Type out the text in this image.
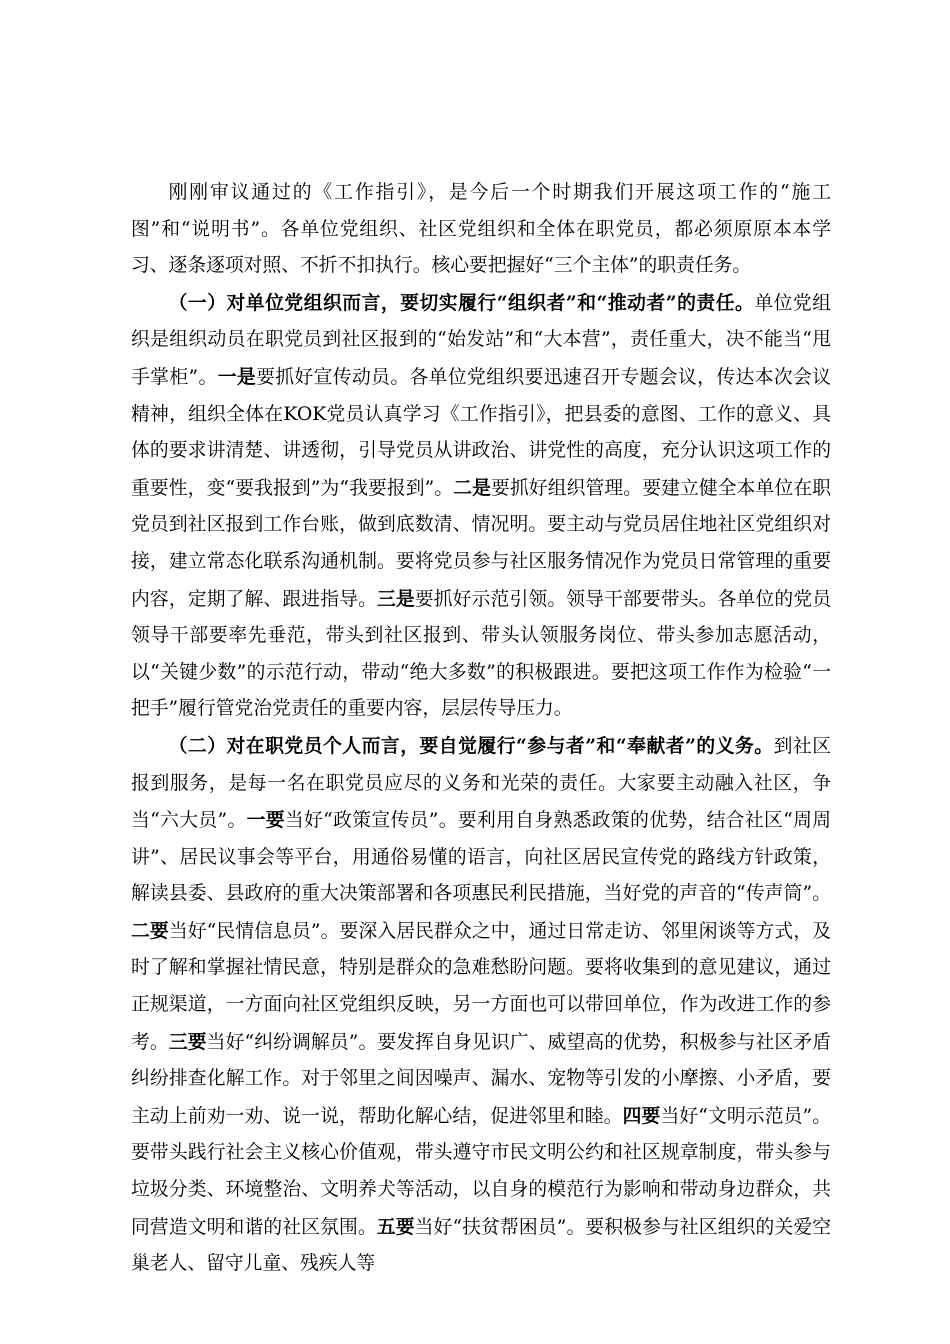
刚刚审议通过的《工作指引》，是今后一个时期我们开展这项工作的“施工图”和“说明书”。各单位党组织、社区党组织和全体在职党员，都必须原原本本学习、逐条逐项对照、不折不扣执行。核心要把握好“三个主体”的职责任务。

（一）对单位党组织而言，要切实履行“组织者”和“推动者”的责任。单位党组织是组织动员在职党员到社区报到的“始发站”和“大本营”，责任重大，决不能当“甩手掌柜”。一是要抓好宣传动员。各单位党组织要迅速召开专题会议，传达本次会议精神，组织全体在KOK党员认真学习《工作指引》，把县委的意图、工作的意义、具体的要求讲清楚、讲透彻，引导党员从讲政治、讲党性的高度，充分认识这项工作的重要性，变“要我报到”为“我要报到”。二是要抓好组织管理。要建立健全本单位在职党员到社区报到工作台账，做到底数清、情况明。要主动与党员居住地社区党组织对接，建立常态化联系沟通机制。要将党员参与社区服务情况作为党员日常管理的重要内容，定期了解、跟进指导。三是要抓好示范引领。领导干部要带头。各单位的党员领导干部要率先垂范，带头到社区报到、带头认领服务岗位、带头参加志愿活动，以“关键少数”的示范行动，带动“绝大多数”的积极跟进。要把这项工作作为检验“一把手”履行管党治党责任的重要内容，层层传导压力。

（二）对在职党员个人而言，要自觉履行“参与者”和“奉献者”的义务。到社区报到服务，是每一名在职党员应尽的义务和光荣的责任。大家要主动融入社区，争当“六大员”。一要当好“政策宣传员”。要利用自身熟悉政策的优势，结合社区“周周讲”、居民议事会等平台，用通俗易懂的语言，向社区居民宣传党的路线方针政策，解读县委、县政府的重大决策部署和各项惠民利民措施，当好党的声音的“传声筒”。二要当好“民情信息员”。要深入居民群众之中，通过日常走访、邻里闲谈等方式，及时了解和掌握社情民意，特别是群众的急难愁盼问题。要将收集到的意见建议，通过正规渠道，一方面向社区党组织反映，另一方面也可以带回单位，作为改进工作的参考。三要当好“纠纷调解员”。要发挥自身见识广、威望高的优势，积极参与社区矛盾纠纷排查化解工作。对于邻里之间因噪声、漏水、宠物等引发的小摩擦、小矛盾，要主动上前劝一劝、说一说，帮助化解心结，促进邻里和睦。四要当好“文明示范员”。要带头践行社会主义核心价值观，带头遵守市民文明公约和社区规章制度，带头参与垃圾分类、环境整治、文明养犬等活动，以自身的模范行为影响和带动身边群众，共同营造文明和谐的社区氛围。五要当好“扶贫帮困员”。要积极参与社区组织的关爱空巢老人、留守儿童、残疾人等
